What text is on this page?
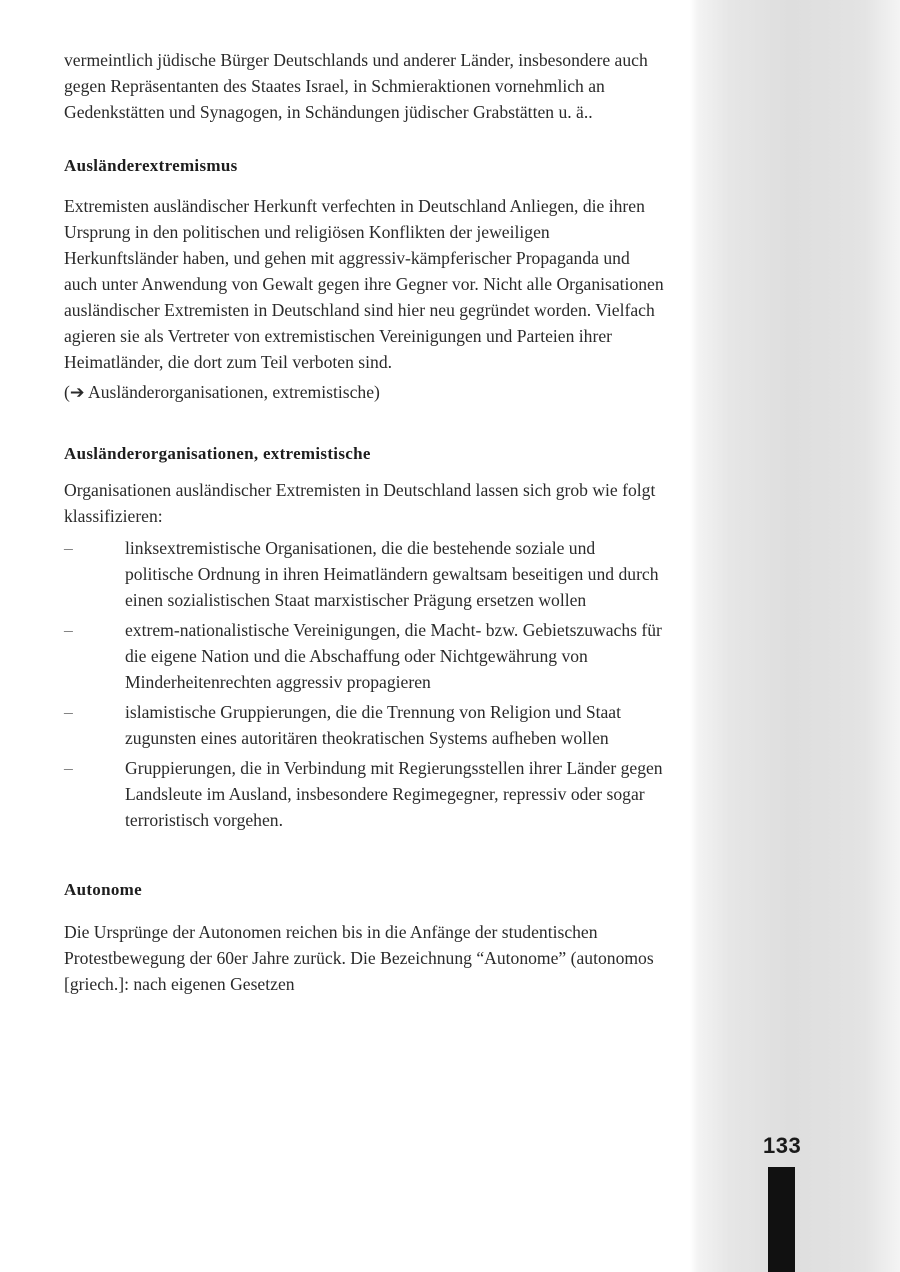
vermeintlich jüdische Bürger Deutschlands und anderer Länder, insbesondere auch gegen Repräsentanten des Staates Israel, in Schmieraktionen vornehmlich an Gedenkstätten und Synagogen, in Schändungen jüdischer Grabstätten u. ä..

Ausländerextremismus

Extremisten ausländischer Herkunft verfechten in Deutschland Anliegen, die ihren Ursprung in den politischen und religiösen Konflikten der jeweiligen Herkunftsländer haben, und gehen mit aggressiv-kämpferischer Propaganda und auch unter Anwendung von Gewalt gegen ihre Gegner vor. Nicht alle Organisationen ausländischer Extremisten in Deutschland sind hier neu gegründet worden. Vielfach agieren sie als Vertreter von extremistischen Vereinigungen und Parteien ihrer Heimatländer, die dort zum Teil verboten sind.

(➔ Ausländerorganisationen, extremistische)

Ausländerorganisationen, extremistische

Organisationen ausländischer Extremisten in Deutschland lassen sich grob wie folgt klassifizieren:

–	linksextremistische Organisationen, die die bestehende soziale und politische Ordnung in ihren Heimatländern gewaltsam beseitigen und durch einen sozialistischen Staat marxistischer Prägung ersetzen wollen
–	extrem-nationalistische Vereinigungen, die Macht- bzw. Gebietszuwachs für die eigene Nation und die Abschaffung oder Nichtgewährung von Minderheitenrechten aggressiv propagieren
–	islamistische Gruppierungen, die die Trennung von Religion und Staat zugunsten eines autoritären theokratischen Systems aufheben wollen
–	Gruppierungen, die in Verbindung mit Regierungsstellen ihrer Länder gegen Landsleute im Ausland, insbesondere Regimegegner, repressiv oder sogar terroristisch vorgehen.
Autonome

Die Ursprünge der Autonomen reichen bis in die Anfänge der studentischen Protestbewegung der 60er Jahre zurück. Die Bezeichnung “Autonome” (autonomos [griech.]: nach eigenen Gesetzen

133
